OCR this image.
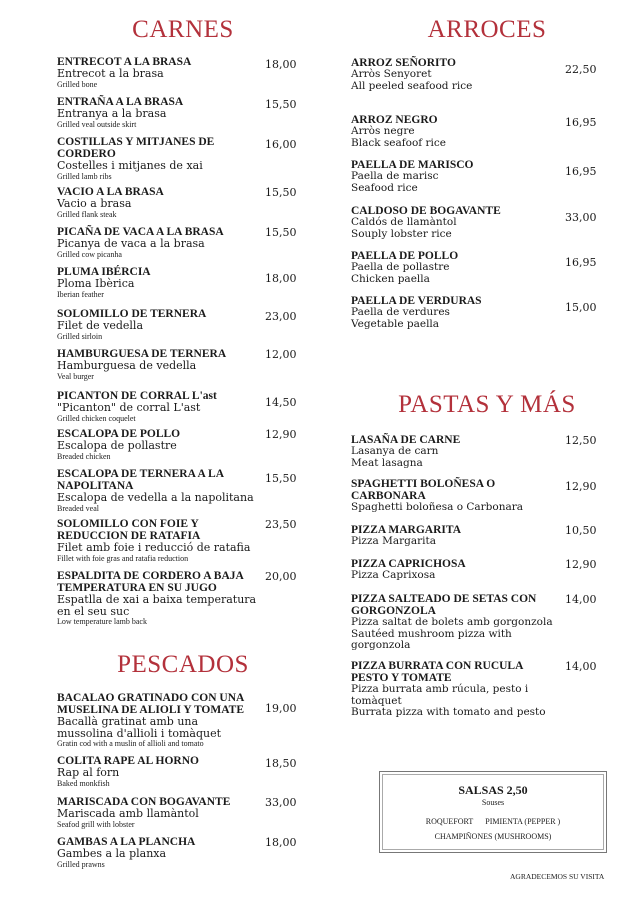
CARNES
ENTRECOT A LA BRASA
Entrecot a la brasa
Grilled bone
18,00
ENTRAÑA A LA BRASA
Entranya a la brasa
Grilled veal outside skirt
15,50
COSTILLAS Y MITJANES DE CORDERO
Costelles i mitjanes de xai
Grilled lamb ribs
16,00
VACIO A LA BRASA
Vacio a brasa
Grilled flank steak
15,50
PICAÑA DE VACA A LA BRASA
Picanya de vaca a la brasa
Grilled cow picanha
15,50
PLUMA IBÉRCIA
Ploma Ibèrica
Iberian feather
18,00
SOLOMILLO DE TERNERA
Filet de vedella
Grilled sirloin
23,00
HAMBURGUESA DE TERNERA
Hamburguesa de vedella
Veal burger
12,00
PICANTON DE CORRAL L'ast
"Picanton" de corral L'ast
Grilled chicken coquelet
14,50
ESCALOPA DE POLLO
Escalopa de pollastre
Breaded chicken
12,90
ESCALOPA DE TERNERA A LA NAPOLITANA
Escalopa de vedella a la napolitana
Breaded veal
15,50
SOLOMILLO CON FOIE Y REDUCCION DE RATAFIA
Filet amb foie i reducció de ratafia
Fillet with foie gras and ratafia reduction
23,50
ESPALDITA DE CORDERO A BAJA TEMPERATURA EN SU JUGO
Espatlla de xai a baixa temperatura en el seu suc
Low temperature lamb back
20,00
PESCADOS
BACALAO GRATINADO CON UNA MUSELINA DE ALIOLI Y TOMATE
Bacallà gratinat amb una mussolina d'allioli i tomàquet
Gratin cod with a muslin of allioli and tomato
19,00
COLITA RAPE AL HORNO
Rap al forn
Baked monkfish
18,50
MARISCADA CON BOGAVANTE
Mariscada amb llamàntol
Seafod grill with lobster
33,00
GAMBAS A LA PLANCHA
Gambes a la planxa
Grilled prawns
18,00
ARROCES
ARROZ SEÑORITO
Arròs Senyoret
All peeled seafood rice
22,50
ARROZ NEGRO
Arròs negre
Black seafoof rice
16,95
PAELLA DE MARISCO
Paella de marisc
Seafood rice
16,95
CALDOSO DE BOGAVANTE
Caldós de llamàntol
Souply lobster rice
33,00
PAELLA DE POLLO
Paella de pollastre
Chicken paella
16,95
PAELLA DE VERDURAS
Paella de verdures
Vegetable paella
15,00
PASTAS Y MÁS
LASAÑA DE CARNE
Lasanya de carn
Meat lasagna
12,50
SPAGHETTI BOLOÑESA O CARBONARA
Spaghetti boloñesa o Carbonara
12,90
PIZZA MARGARITA
Pizza Margarita
10,50
PIZZA CAPRICHOSA
Pizza Caprixosa
12,90
PIZZA SALTEADO DE SETAS CON GORGONZOLA
Pizza saltat de bolets amb gorgonzola
Sautéed mushroom pizza with gorgonzola
14,00
PIZZA BURRATA CON RUCULA PESTO Y TOMATE
Pizza burrata amb rúcula, pesto i tomàquet
Burrata pizza with tomato and pesto
14,00
SALSAS 2,50
Souses
ROQUEFORT PIMIENTA (PEPPER )
CHAMPIÑONES (MUSHROOMS)
AGRADECEMOS SU VISITA
